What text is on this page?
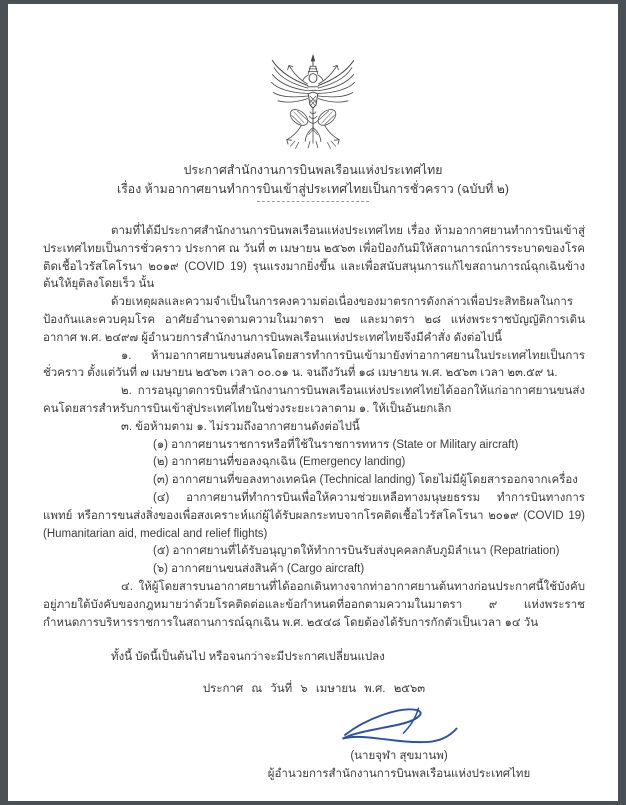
ประกาศสำนักงานการบินพลเรือนแห่งประเทศไทย
เรื่อง ห้ามอากาศยานทำการบินเข้าสู่ประเทศไทยเป็นการชั่วคราว (ฉบับที่ ๒)

ตามที่ได้มีประกาศสำนักงานการบินพลเรือนแห่งประเทศไทย เรื่อง ห้ามอากาศยานทำการบินเข้าสู่ประเทศไทยเป็นการชั่วคราว ประกาศ ณ วันที่ ๓ เมษายน ๒๕๖๓ เพื่อป้องกันมิให้สถานการณ์การระบาดของโรคติดเชื้อไวรัสโคโรนา ๒๐๑๙ (COVID 19) รุนแรงมากยิ่งขึ้น และเพื่อสนับสนุนการแก้ไขสถานการณ์ฉุกเฉินข้างต้นให้ยุติลงโดยเร็ว นั้น

ด้วยเหตุผลและความจำเป็นในการคงความต่อเนื่องของมาตรการดังกล่าวเพื่อประสิทธิผลในการป้องกันและควบคุมโรค อาศัยอำนาจตามความในมาตรา ๒๗ และมาตรา ๒๘ แห่งพระราชบัญญัติการเดินอากาศ พ.ศ. ๒๔๙๗ ผู้อำนวยการสำนักงานการบินพลเรือนแห่งประเทศไทยจึงมีคำสั่ง ดังต่อไปนี้

๑. ห้ามอากาศยานขนส่งคนโดยสารทำการบินเข้ามายังท่าอากาศยานในประเทศไทยเป็นการชั่วคราว ตั้งแต่วันที่ ๗ เมษายน ๒๕๖๓ เวลา ๐๐.๐๑ น. จนถึงวันที่ ๑๘ เมษายน พ.ศ. ๒๕๖๓ เวลา ๒๓.๕๙ น.

๒. การอนุญาตการบินที่สำนักงานการบินพลเรือนแห่งประเทศไทยได้ออกให้แก่อากาศยานขนส่งคนโดยสารสำหรับการบินเข้าสู่ประเทศไทยในช่วงระยะเวลาตาม ๑. ให้เป็นอันยกเลิก

๓. ข้อห้ามตาม ๑. ไม่รวมถึงอากาศยานดังต่อไปนี้

(๑) อากาศยานราชการหรือที่ใช้ในราชการทหาร (State or Military aircraft)

(๒) อากาศยานที่ขอลงฉุกเฉิน (Emergency landing)

(๓) อากาศยานที่ขอลงทางเทคนิค (Technical landing) โดยไม่มีผู้โดยสารออกจากเครื่อง

(๔) อากาศยานที่ทำการบินเพื่อให้ความช่วยเหลือทางมนุษยธรรม ทำการบินทางการแพทย์ หรือการขนส่งสิ่งของเพื่อสงเคราะห์แก่ผู้ได้รับผลกระทบจากโรคติดเชื้อไวรัสโคโรนา ๒๐๑๙ (COVID 19) (Humanitarian aid, medical and relief flights)

(๕) อากาศยานที่ได้รับอนุญาตให้ทำการบินรับส่งบุคคลกลับภูมิลำเนา (Repatriation)

(๖) อากาศยานขนส่งสินค้า (Cargo aircraft)

๔. ให้ผู้โดยสารบนอากาศยานที่ได้ออกเดินทางจากท่าอากาศยานต้นทางก่อนประกาศนี้ใช้บังคับอยู่ภายใต้บังคับของกฎหมายว่าด้วยโรคติดต่อและข้อกำหนดที่ออกตามความในมาตรา ๙ แห่งพระราชกำหนดการบริหารราชการในสถานการณ์ฉุกเฉิน พ.ศ. ๒๕๔๘ โดยต้องได้รับการกักตัวเป็นเวลา ๑๔ วัน

ทั้งนี้ บัดนี้เป็นต้นไป หรือจนกว่าจะมีประกาศเปลี่ยนแปลง

ประกาศ ณ วันที่ ๖ เมษายน พ.ศ. ๒๕๖๓
(นายจุฬา สุขมานพ)
ผู้อำนวยการสำนักงานการบินพลเรือนแห่งประเทศไทย
